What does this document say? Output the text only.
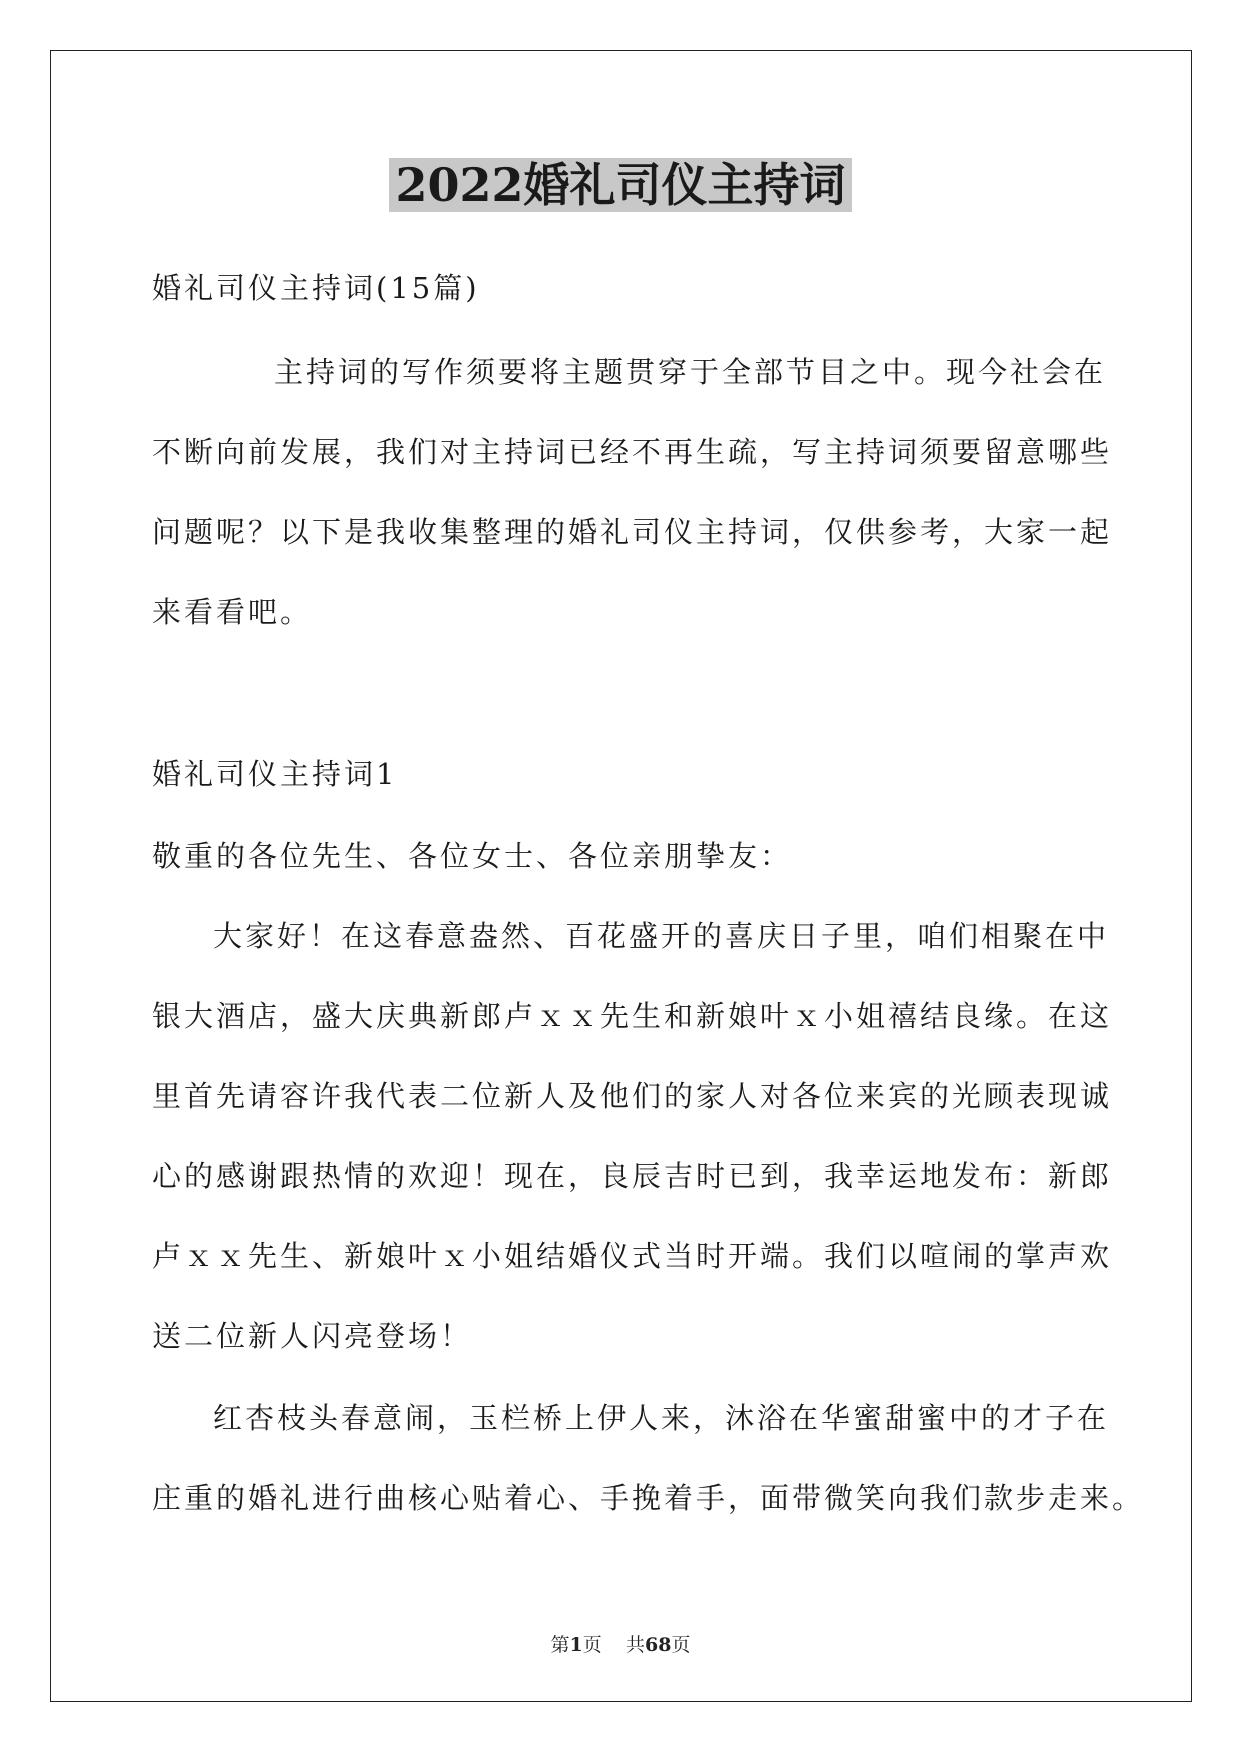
2022婚礼司仪主持词
婚礼司仪主持词(15篇)
主持词的写作须要将主题贯穿于全部节目之中。现今社会在
不断向前发展，我们对主持词已经不再生疏，写主持词须要留意哪些
问题呢？以下是我收集整理的婚礼司仪主持词，仅供参考，大家一起
来看看吧。
婚礼司仪主持词1
敬重的各位先生、各位女士、各位亲朋挚友：
大家好！在这春意盎然、百花盛开的喜庆日子里，咱们相聚在中
银大酒店，盛大庆典新郎卢ｘｘ先生和新娘叶ｘ小姐禧结良缘。在这
里首先请容许我代表二位新人及他们的家人对各位来宾的光顾表现诚
心的感谢跟热情的欢迎！现在，良辰吉时已到，我幸运地发布：新郎
卢ｘｘ先生、新娘叶ｘ小姐结婚仪式当时开端。我们以喧闹的掌声欢
送二位新人闪亮登场！
红杏枝头春意闹，玉栏桥上伊人来，沐浴在华蜜甜蜜中的才子在
庄重的婚礼进行曲核心贴着心、手挽着手，面带微笑向我们款步走来。
第1页 共68页
